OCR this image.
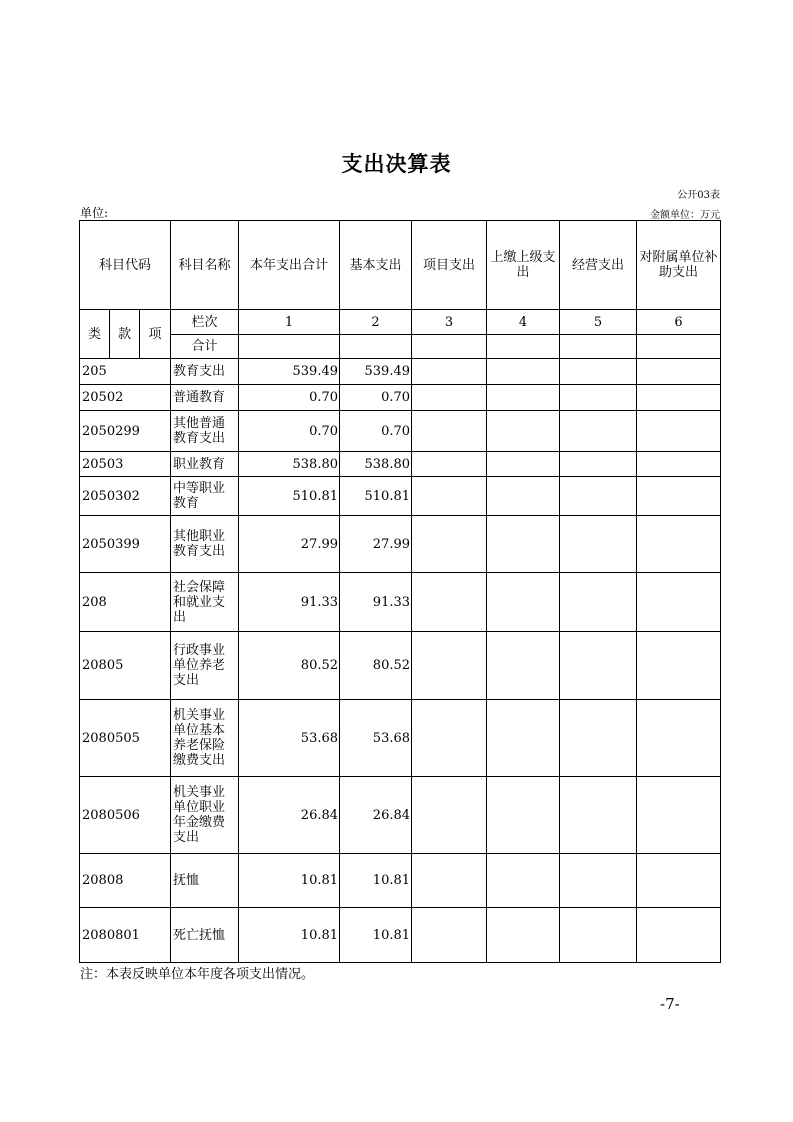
支出决算表
公开03表
单位:	金额单位：万元
科目代码			科目名称	本年支出合计	基本支出	项目支出	上缴上级支出	经营支出	对附属单位补助支出
类	款	项	栏次	1	2	3	4	5	6
			合计						
205			教育支出	539.49	539.49				
20502			普通教育	0.70	0.70				
2050299			其他普通教育支出	0.70	0.70				
20503			职业教育	538.80	538.80				
2050302			中等职业教育	510.81	510.81				
2050399			其他职业教育支出	27.99	27.99				
208			社会保障和就业支出	91.33	91.33				
20805			行政事业单位养老支出	80.52	80.52				
2080505			机关事业单位基本养老保险缴费支出	53.68	53.68				
2080506			机关事业单位职业年金缴费支出	26.84	26.84				
20808			抚恤	10.81	10.81				
2080801			死亡抚恤	10.81	10.81				
注：本表反映单位本年度各项支出情况。
-7-
